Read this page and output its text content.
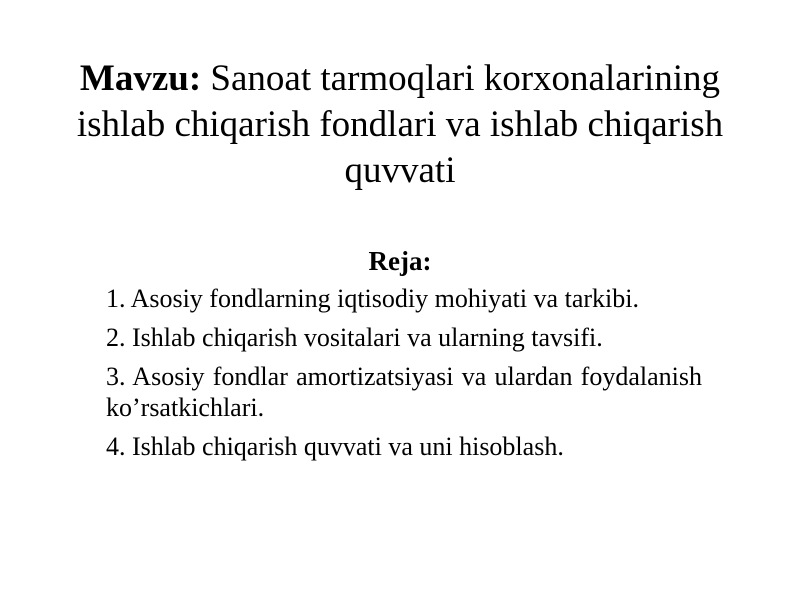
Mavzu: Sanoat tarmoqlari korxonalarining ishlab chiqarish fondlari va ishlab chiqarish quvvati
Reja:
1. Asosiy fondlarning iqtisodiy mohiyati va tarkibi.
2. Ishlab chiqarish vositalari va ularning tavsifi.
3. Asosiy fondlar amortizatsiyasi va ulardan foydalanish ko’rsatkichlari.
4. Ishlab chiqarish quvvati va uni hisoblash.
